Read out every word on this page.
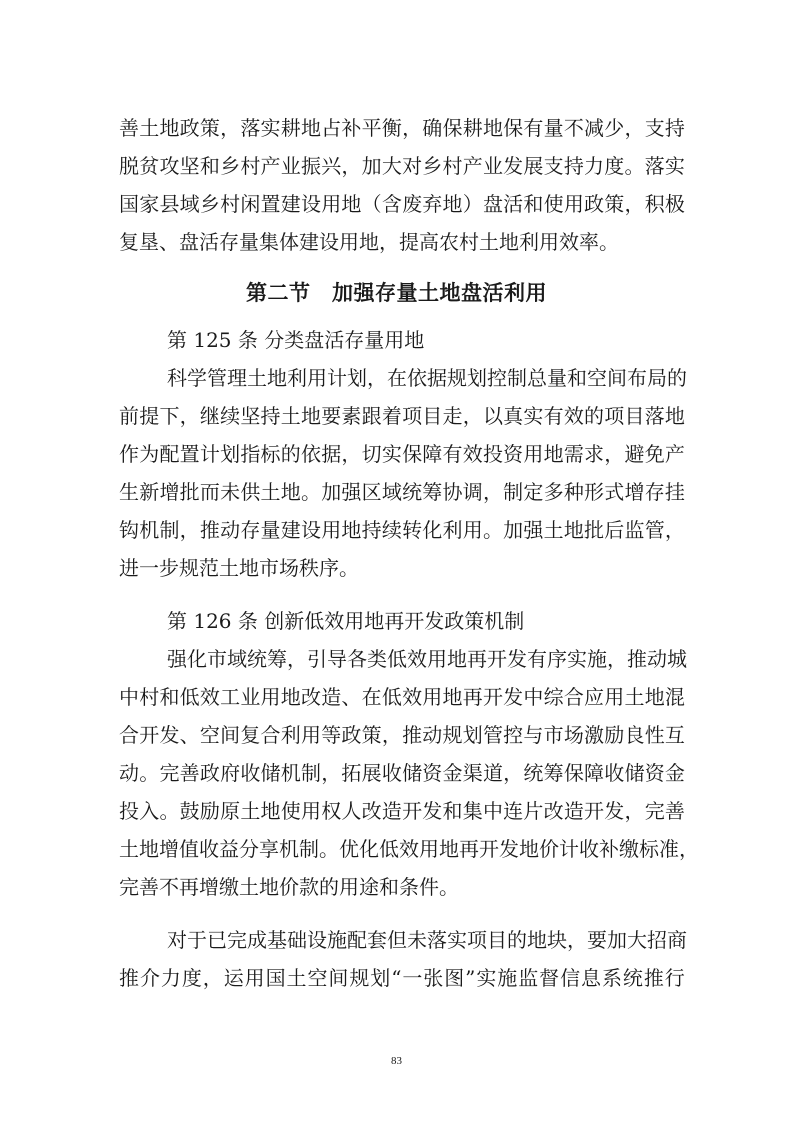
善 土 地 政 策 ， 落 实 耕 地 占 补 平 衡 ， 确 保 耕 地 保 有 量 不 减 少 ， 支 持
脱 贫 攻 坚 和 乡 村 产 业 振 兴 ， 加 大 对 乡 村 产 业 发 展 支 持 力 度 。 落 实
国 家 县 域 乡 村 闲 置 建 设 用 地 （ 含 废 弃 地 ） 盘 活 和 使 用 政 策 ， 积 极
复垦、盘活存量集体建设用地，提高农村土地利用效率。
第二节　加强存量土地盘活利用
第 125 条 分类盘活存量用地
科 学 管 理 土 地 利 用 计 划 ， 在 依 据 规 划 控 制 总 量 和 空 间 布 局 的
前 提 下 ， 继 续 坚 持 土 地 要 素 跟 着 项 目 走 ， 以 真 实 有 效 的 项 目 落 地
作 为 配 置 计 划 指 标 的 依 据 ， 切 实 保 障 有 效 投 资 用 地 需 求 ， 避 免 产
生 新 增 批 而 未 供 土 地 。 加 强 区 域 统 筹 协 调 ， 制 定 多 种 形 式 增 存 挂
钩 机 制 ， 推 动 存 量 建 设 用 地 持 续 转 化 利 用 。 加 强 土 地 批 后 监 管 ，
进一步规范土地市场秩序。
第 126 条 创新低效用地再开发政策机制
强 化 市 域 统 筹 ， 引 导 各 类 低 效 用 地 再 开 发 有 序 实 施 ， 推 动 城
中 村 和 低 效 工 业 用 地 改 造 、 在 低 效 用 地 再 开 发 中 综 合 应 用 土 地 混
合 开 发 、 空 间 复 合 利 用 等 政 策 ， 推 动 规 划 管 控 与 市 场 激 励 良 性 互
动 。 完 善 政 府 收 储 机 制 ， 拓 展 收 储 资 金 渠 道 ， 统 筹 保 障 收 储 资 金
投 入 。 鼓 励 原 土 地 使 用 权 人 改 造 开 发 和 集 中 连 片 改 造 开 发 ， 完 善
土 地 增 值 收 益 分 享 机 制 。 优 化 低 效 用 地 再 开 发 地 价 计 收 补 缴 标 准 ，
完善不再增缴土地价款的用途和条件。
对 于 已 完 成 基 础 设 施 配 套 但 未 落 实 项 目 的 地 块 ， 要 加 大 招 商
推 介 力 度 ， 运 用 国 土 空 间 规 划 “ 一 张 图 ” 实 施 监 督 信 息 系 统 推 行
83
